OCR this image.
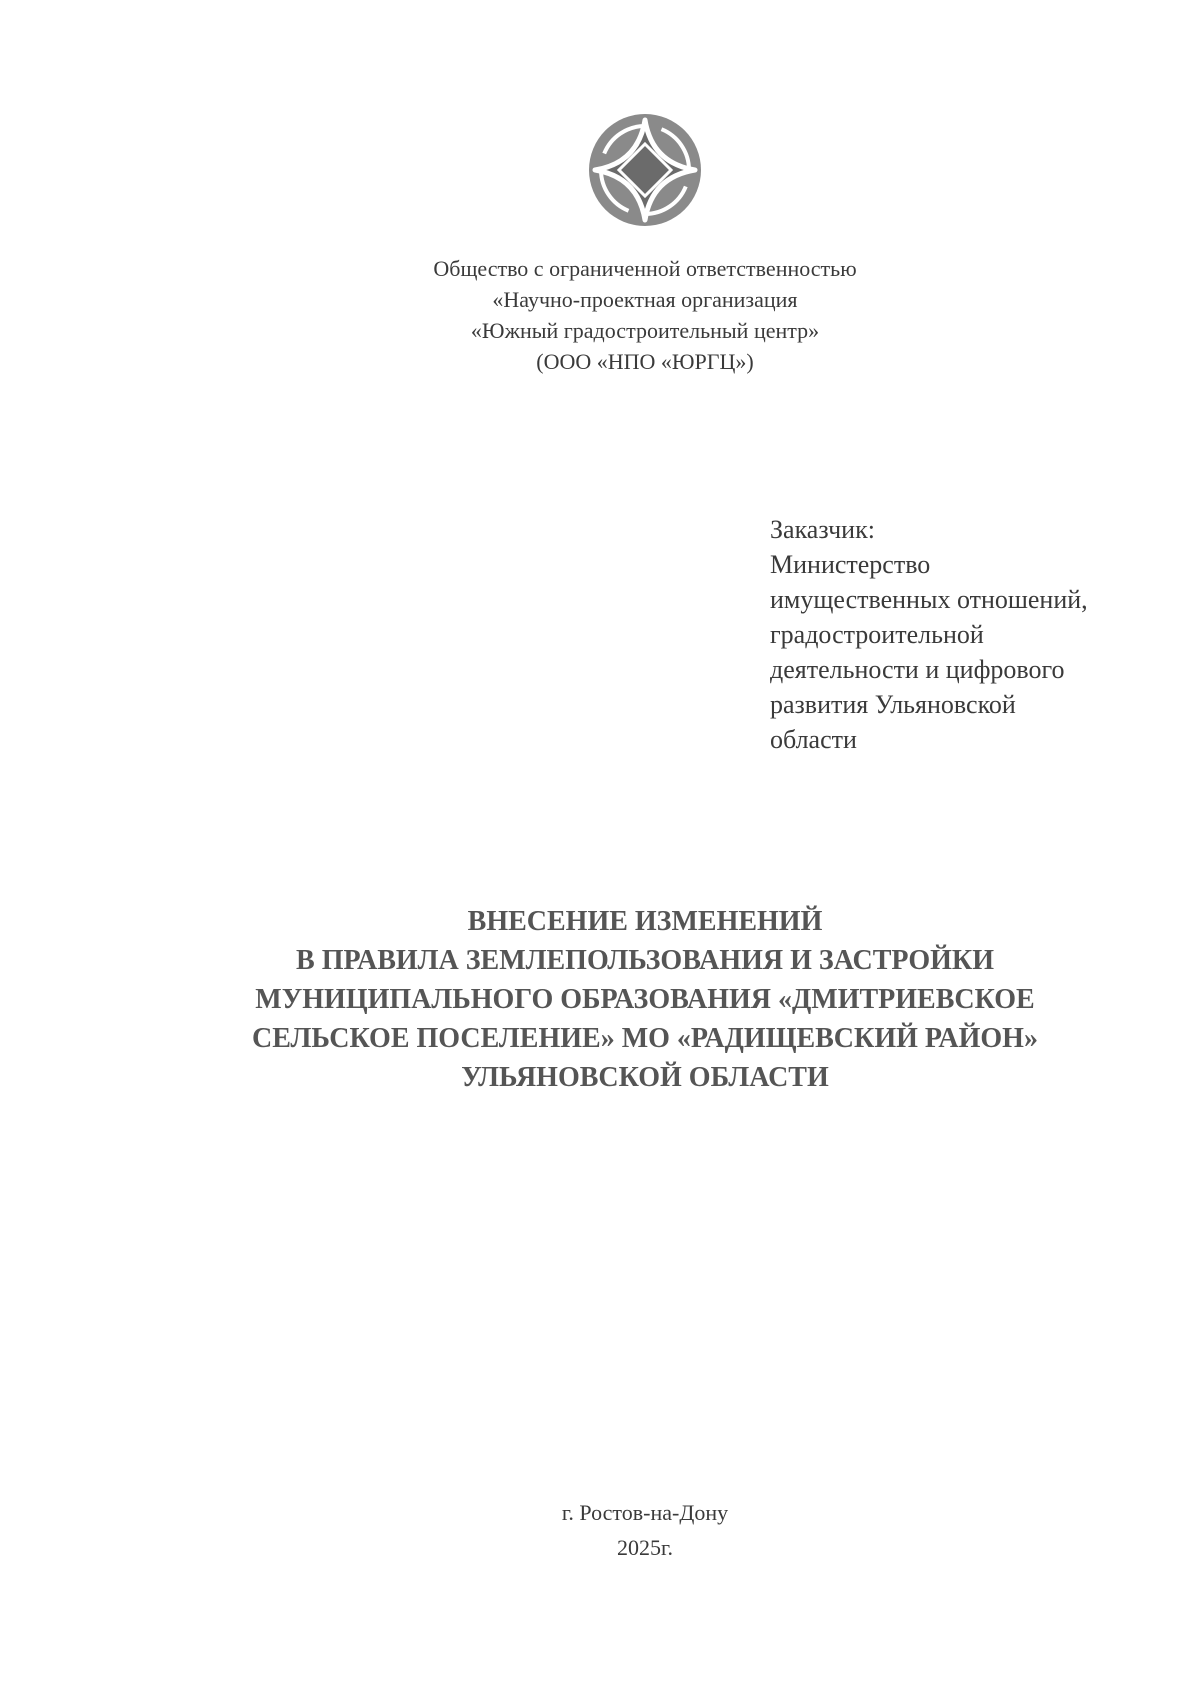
Общество с ограниченной ответственностью
«Научно-проектная организация
«Южный градостроительный центр»
(ООО «НПО «ЮРГЦ»)
Заказчик:
Министерство
имущественных отношений,
градостроительной
деятельности и цифрового
развития Ульяновской
области
ВНЕСЕНИЕ ИЗМЕНЕНИЙ
В ПРАВИЛА ЗЕМЛЕПОЛЬЗОВАНИЯ И ЗАСТРОЙКИ
МУНИЦИПАЛЬНОГО ОБРАЗОВАНИЯ «ДМИТРИЕВСКОЕ
СЕЛЬСКОЕ ПОСЕЛЕНИЕ» МО «РАДИЩЕВСКИЙ РАЙОН»
УЛЬЯНОВСКОЙ ОБЛАСТИ
г. Ростов-на-Дону
2025г.
